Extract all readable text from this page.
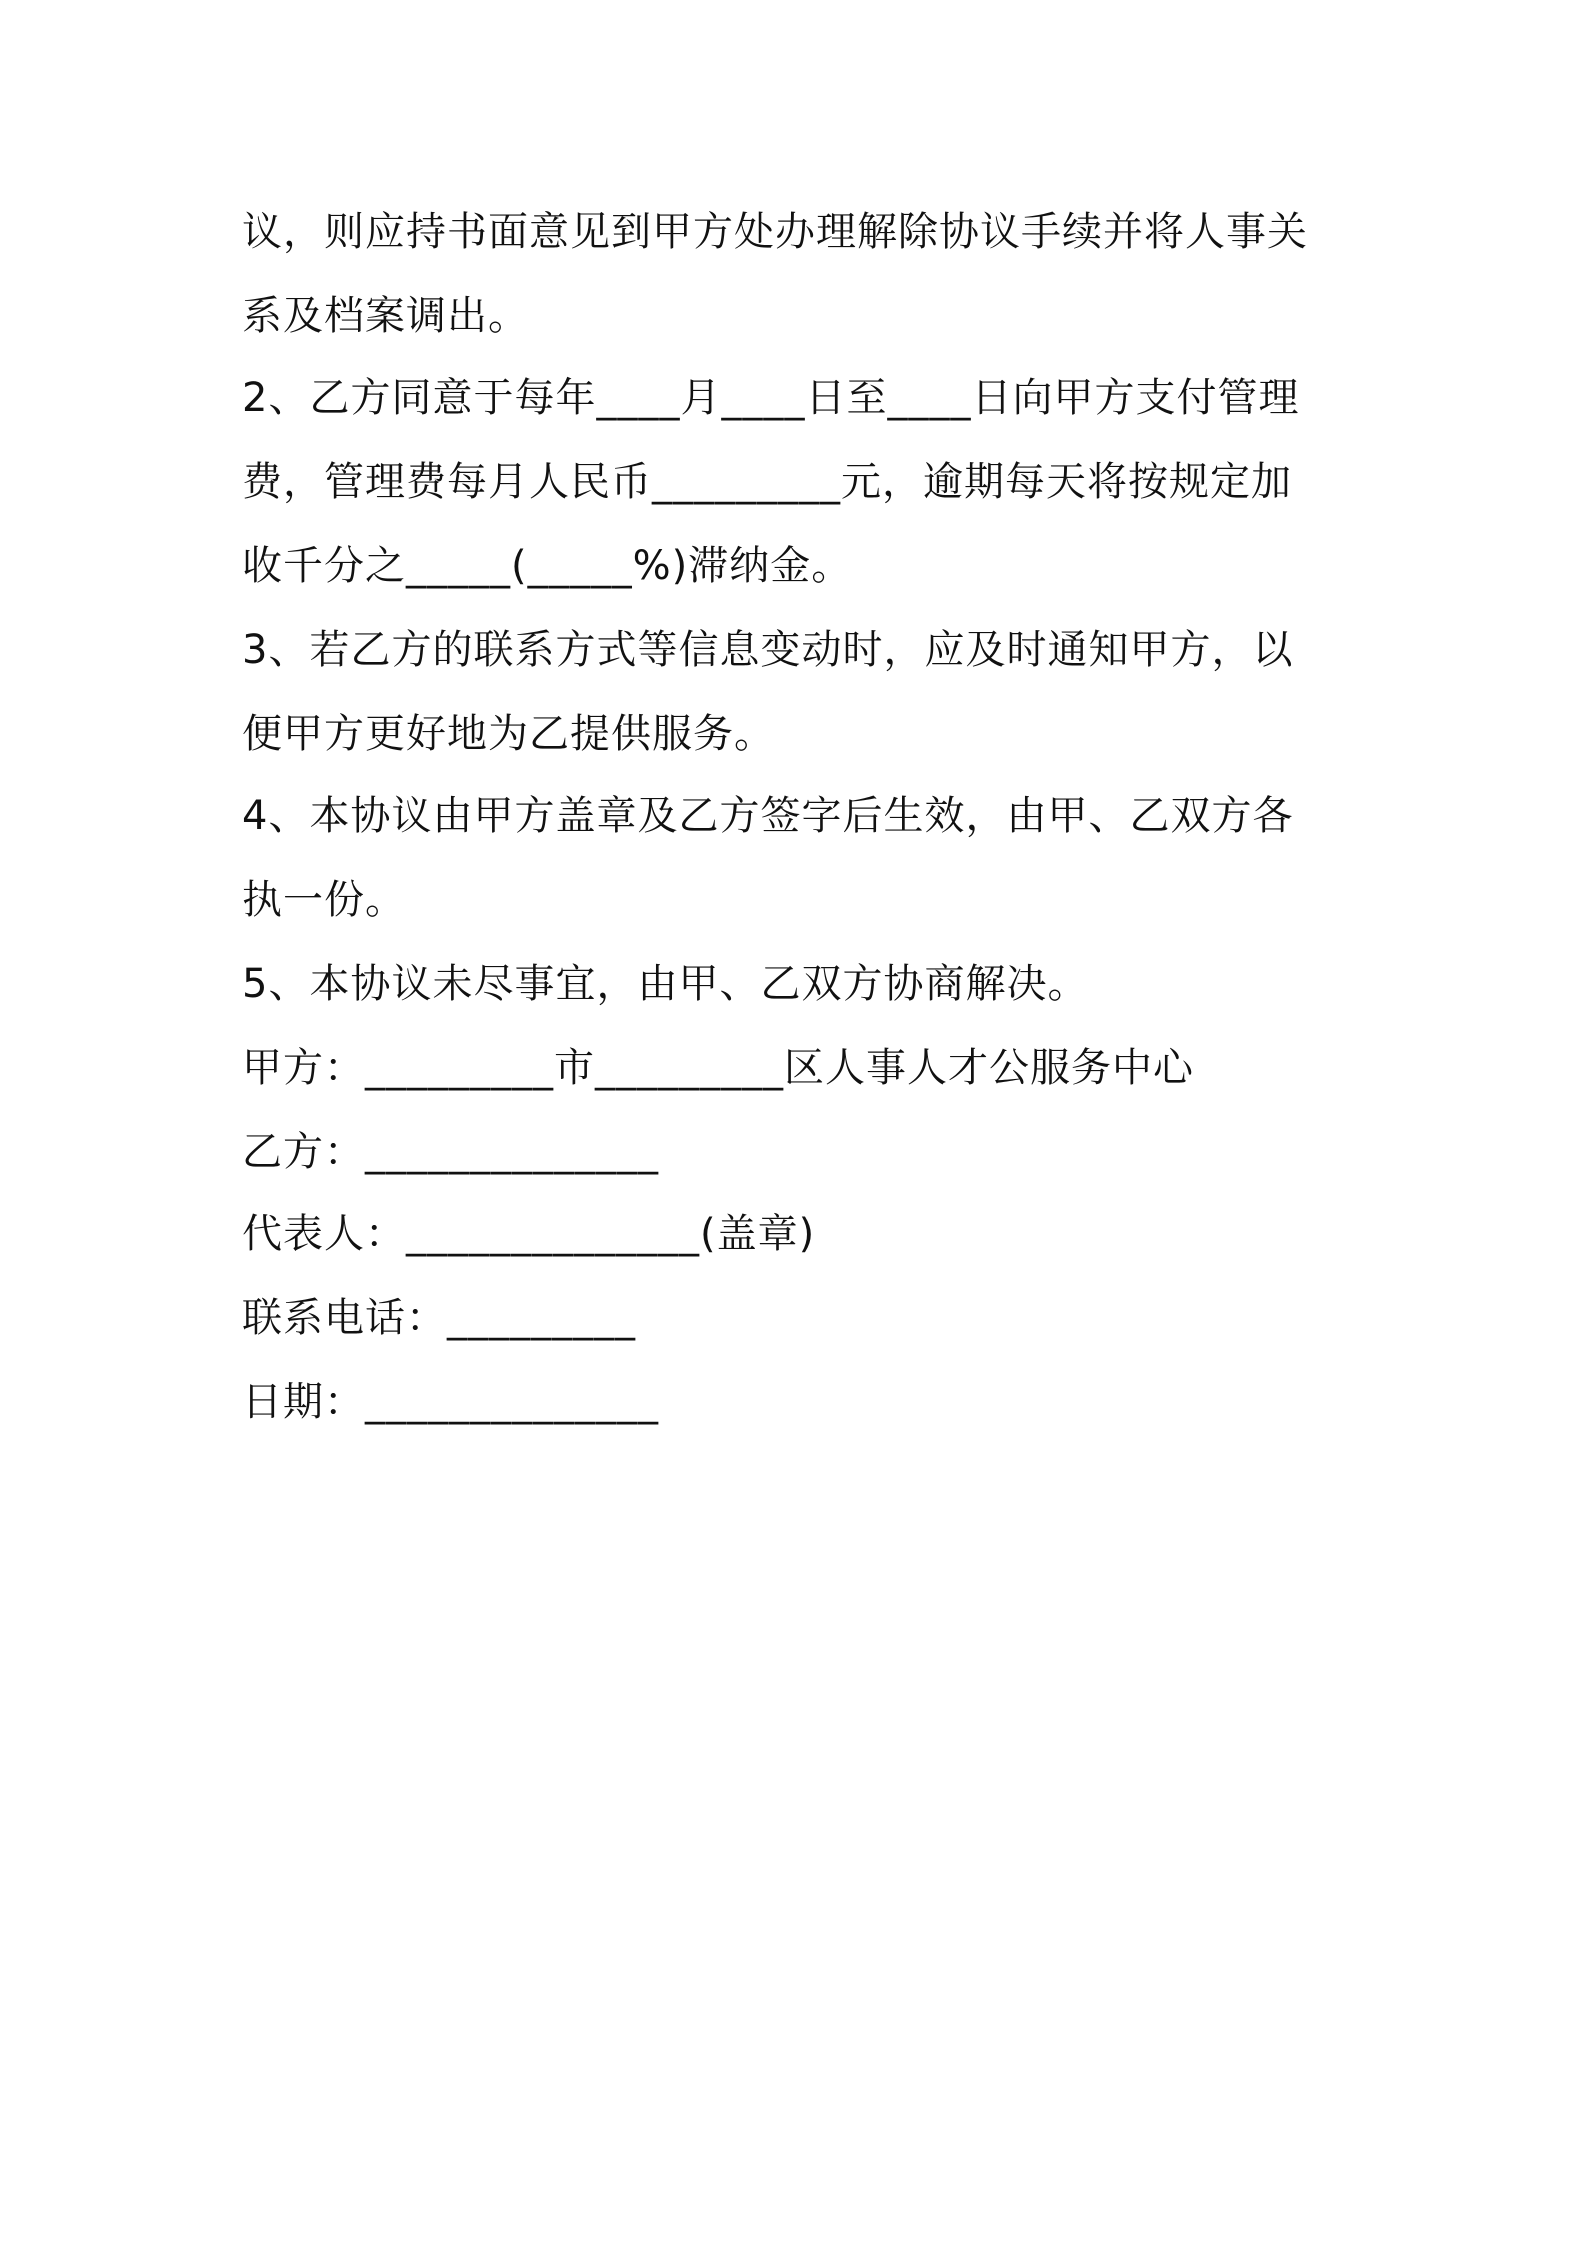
议，则应持书面意见到甲方处办理解除协议手续并将人事关
系及档案调出。
2、乙方同意于每年____月____日至____日向甲方支付管理
费，管理费每月人民币_________元，逾期每天将按规定加
收千分之_____(_____%)滞纳金。
3、若乙方的联系方式等信息变动时，应及时通知甲方，以
便甲方更好地为乙提供服务。
4、本协议由甲方盖章及乙方签字后生效，由甲、乙双方各
执一份。
5、本协议未尽事宜，由甲、乙双方协商解决。
甲方：_________市_________区人事人才公服务中心
乙方：______________
代表人：______________(盖章)
联系电话：_________
日期：______________
